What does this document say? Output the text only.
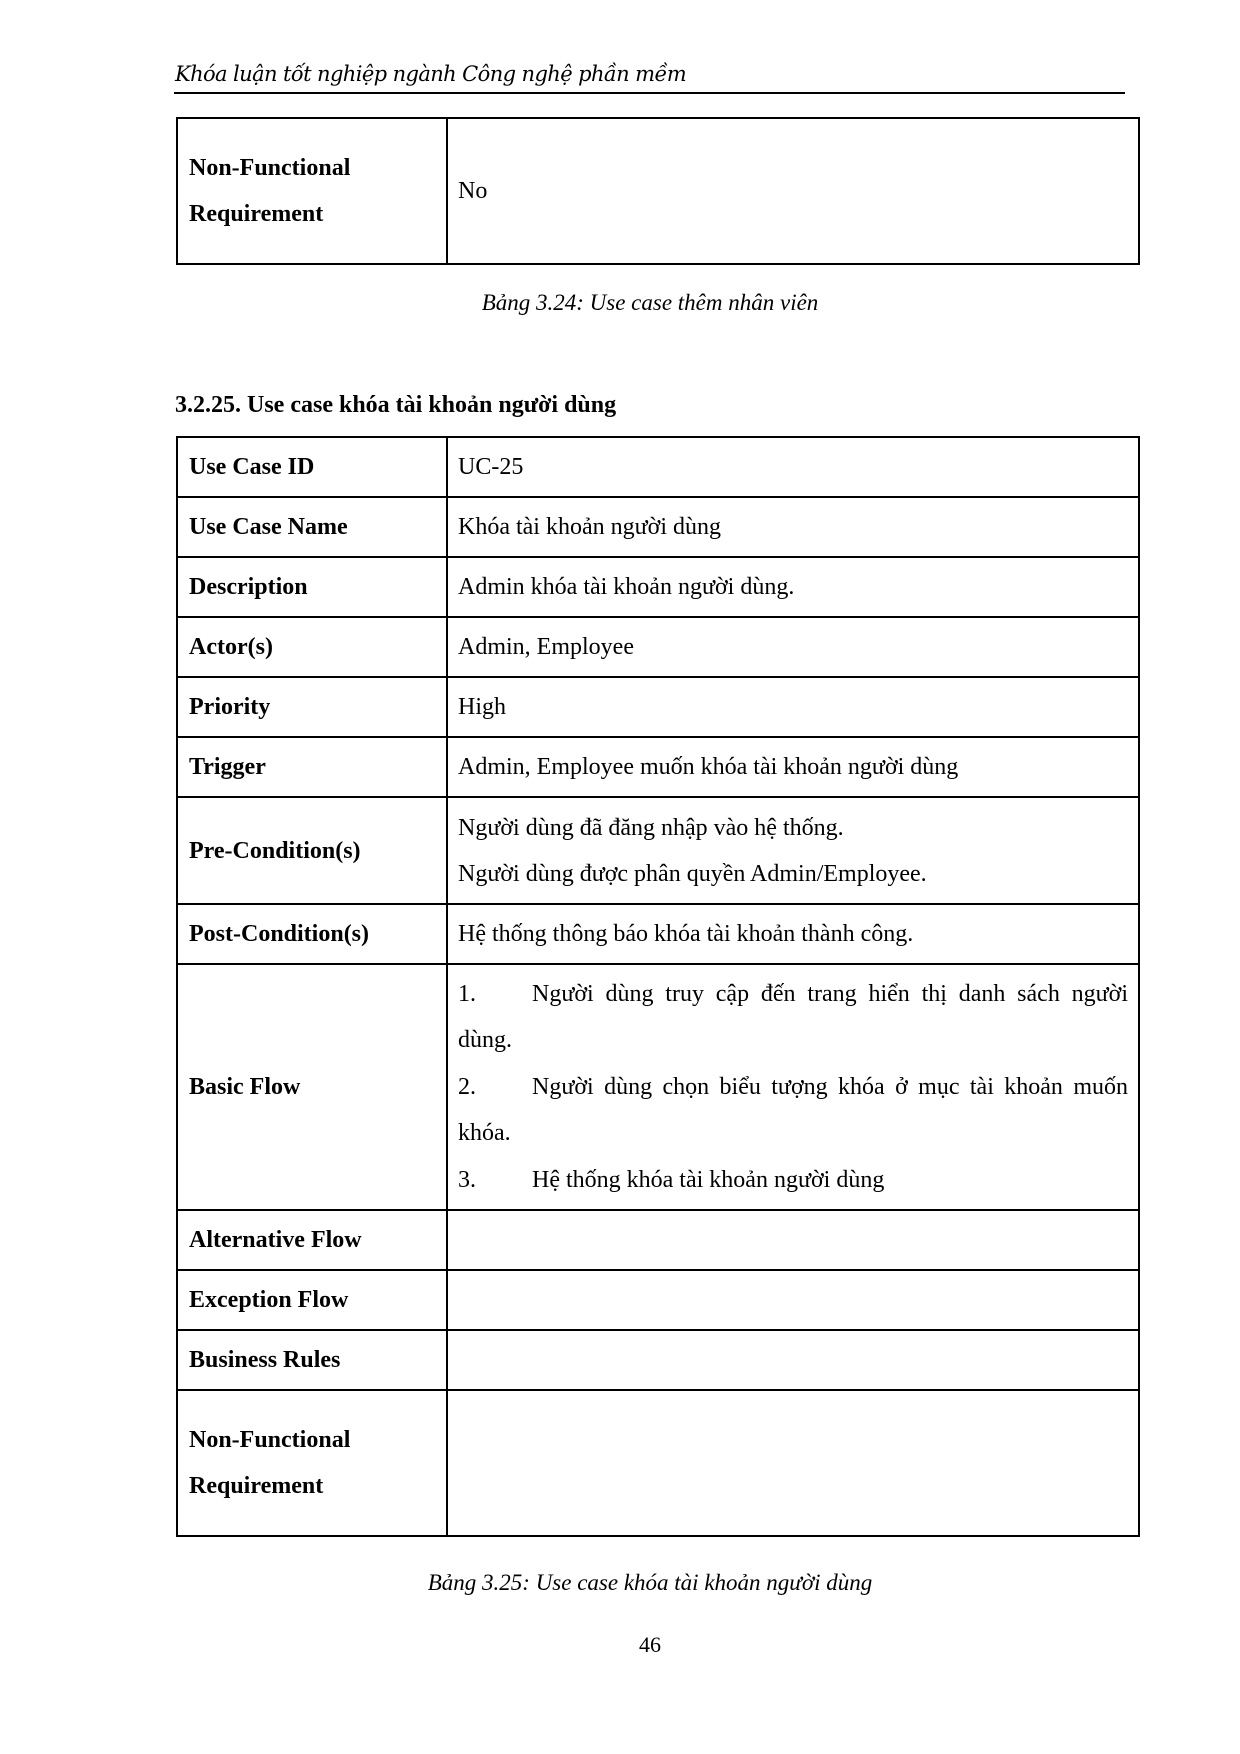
Khóa luận tốt nghiệp ngành Công nghệ phần mềm
Non-Functional
Requirement	No
Bảng 3.24: Use case thêm nhân viên
3.2.25. Use case khóa tài khoản người dùng
Use Case ID	UC-25
Use Case Name	Khóa tài khoản người dùng
Description	Admin khóa tài khoản người dùng.
Actor(s)	Admin, Employee
Priority	High
Trigger	Admin, Employee muốn khóa tài khoản người dùng
Pre-Condition(s)	Người dùng đã đăng nhập vào hệ thống.
Người dùng được phân quyền Admin/Employee.
Post-Condition(s)	Hệ thống thông báo khóa tài khoản thành công.
Basic Flow	1. Người dùng truy cập đến trang hiển thị danh sách người dùng.
2. Người dùng chọn biểu tượng khóa ở mục tài khoản muốn khóa.
3. Hệ thống khóa tài khoản người dùng

Alternative Flow	
Exception Flow	
Business Rules	
Non-Functional
Requirement	
Bảng 3.25: Use case khóa tài khoản người dùng
46
